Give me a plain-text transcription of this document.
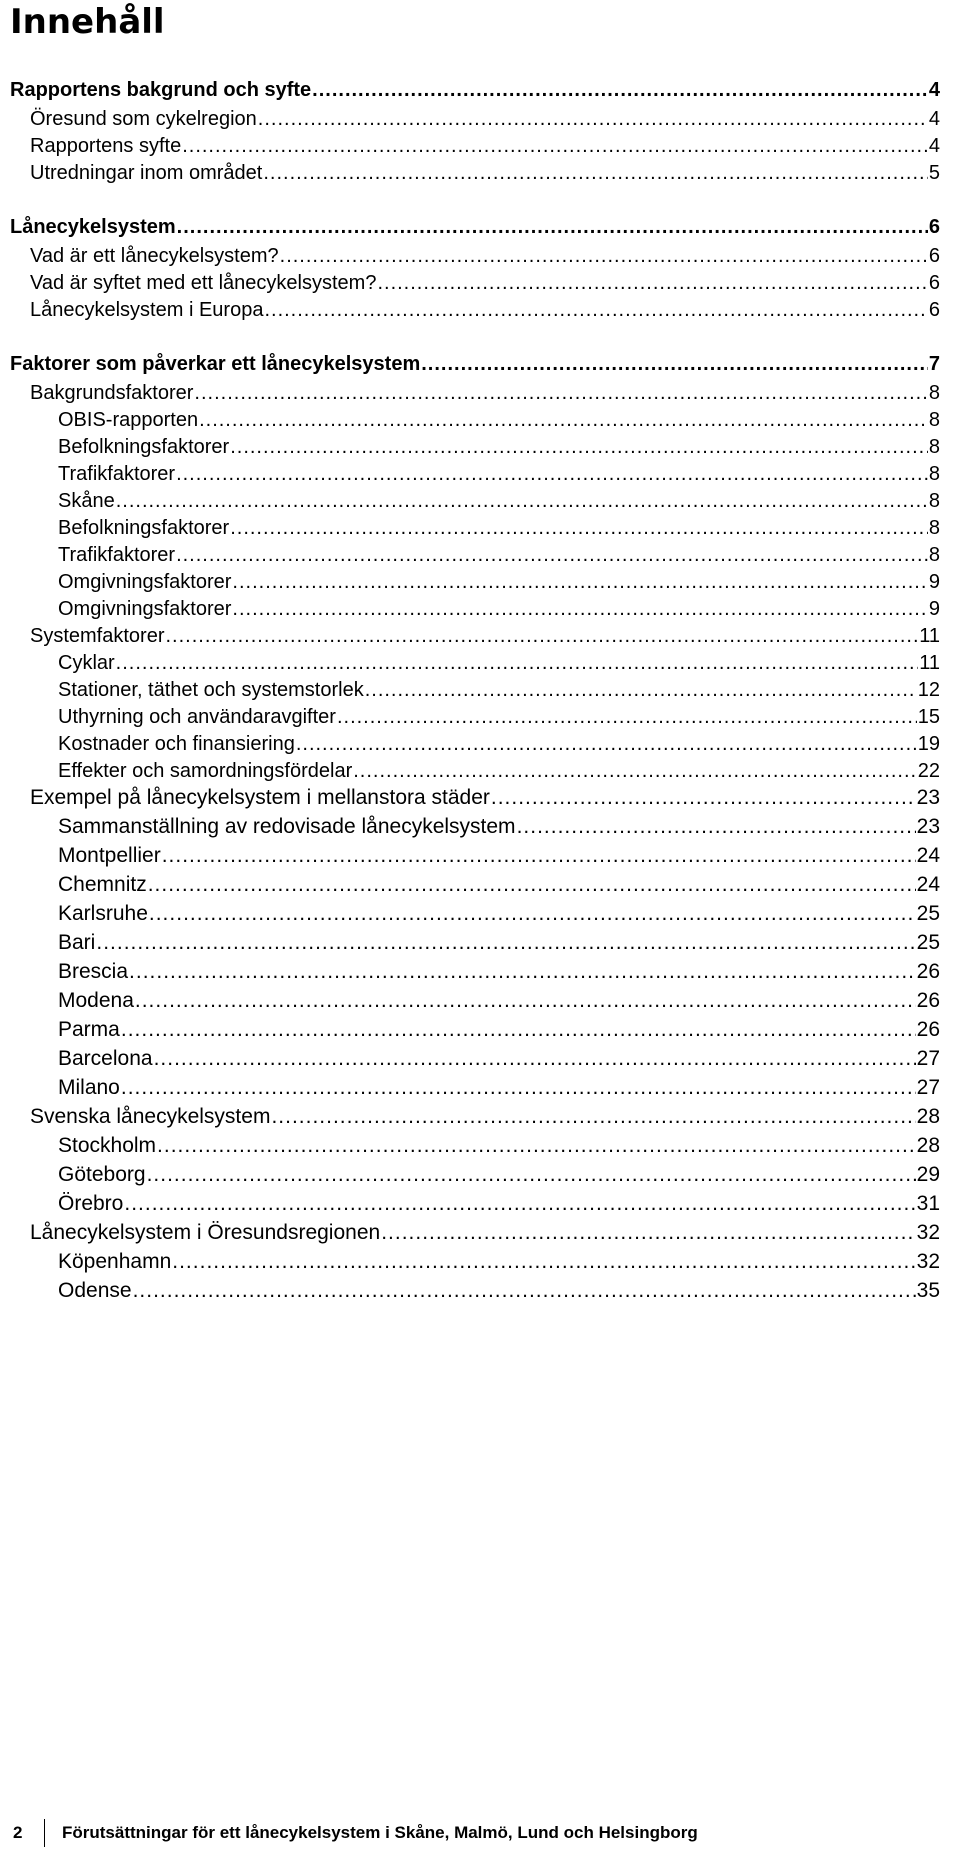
Innehåll
Rapportens bakgrund och syfte .....	4
Öresund som cykelregion .....	4
Rapportens syfte .....	4
Utredningar inom området .....	5
Lånecykelsystem .....	6
Vad är ett lånecykelsystem? .....	6
Vad är syftet med ett lånecykelsystem? .....	6
Lånecykelsystem i Europa .....	6
Faktorer som påverkar ett lånecykelsystem .....	7
Bakgrundsfaktorer .....	8
OBIS-rapporten .....	8
Befolkningsfaktorer .....	8
Trafikfaktorer .....	8
Skåne .....	8
Befolkningsfaktorer .....	8
Trafikfaktorer .....	8
Omgivningsfaktorer .....	9
Omgivningsfaktorer .....	9
Systemfaktorer .....	11
Cyklar .....	11
Stationer, täthet och systemstorlek .....	12
Uthyrning och användaravgifter .....	15
Kostnader och finansiering .....	19
Effekter och samordningsfördelar .....	22
Exempel på lånecykelsystem i mellanstora städer .....	23
Sammanställning av redovisade lånecykelsystem .....	23
Montpellier .....	24
Chemnitz .....	24
Karlsruhe .....	25
Bari .....	25
Brescia .....	26
Modena .....	26
Parma .....	26
Barcelona .....	27
Milano .....	27
Svenska lånecykelsystem .....	28
Stockholm .....	28
Göteborg .....	29
Örebro .....	31
Lånecykelsystem i Öresundsregionen .....	32
Köpenhamn .....	32
Odense .....	35
2 Förutsättningar för ett lånecykelsystem i Skåne, Malmö, Lund och Helsingborg
